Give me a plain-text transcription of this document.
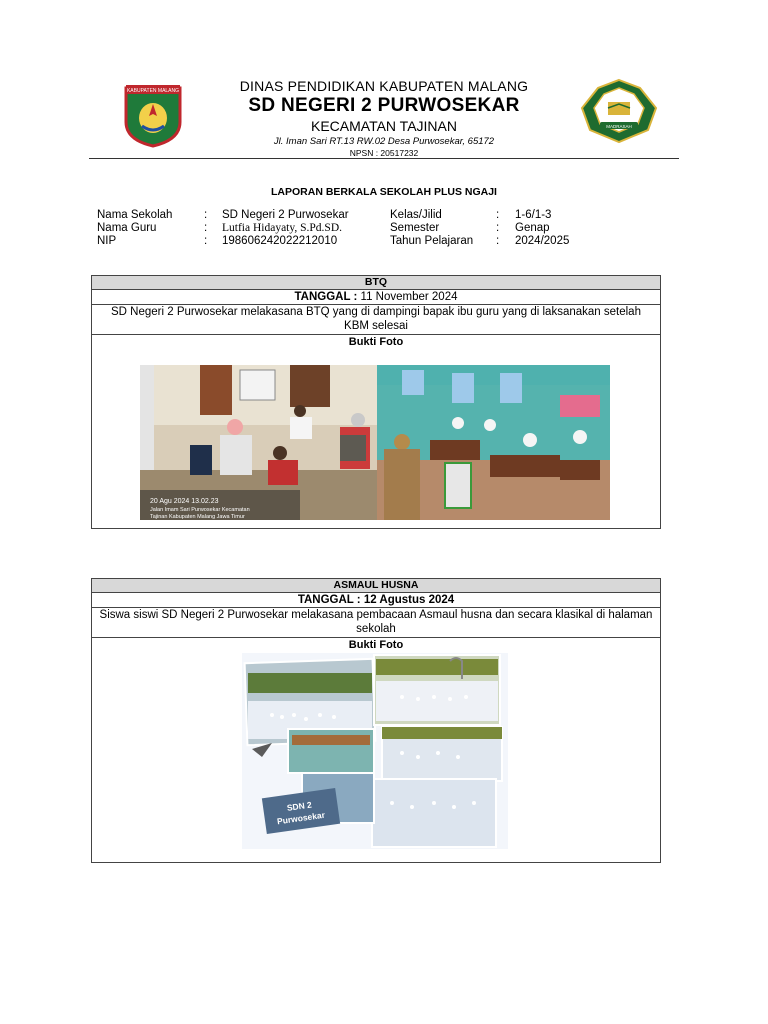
KABUPATEN MALANG
MADRASAH
DINAS PENDIDIKAN KABUPATEN MALANG
SD NEGERI 2 PURWOSEKAR
KECAMATAN TAJINAN
Jl. Iman Sari RT.13 RW.02 Desa Purwosekar, 65172
NPSN : 20517232
LAPORAN BERKALA SEKOLAH PLUS NGAJI
Nama Sekolah	: SD Negeri 2 Purwosekar
Nama Guru	: Lutfia Hidayaty, S.Pd.SD.
NIP	: 198606242022212010
Kelas/Jilid	: 1-6/1-3
Semester	: Genap
Tahun Pelajaran : 2024/2025
BTQ
TANGGAL : 11 November 2024
SD Negeri 2 Purwosekar melakasana BTQ yang di dampingi bapak ibu guru yang di laksanakan setelah KBM selesai
Bukti Foto
20 Agu 2024 13.02.23
Jalan Imam Sari Purwosekar Kecamatan
Tajinan Kabupaten Malang Jawa Timur
ASMAUL HUSNA
TANGGAL : 12 Agustus 2024
Siswa siswi SD Negeri 2 Purwosekar melakasana pembacaan Asmaul husna dan secara klasikal di halaman sekolah
Bukti Foto
SDN 2
Purwosekar
